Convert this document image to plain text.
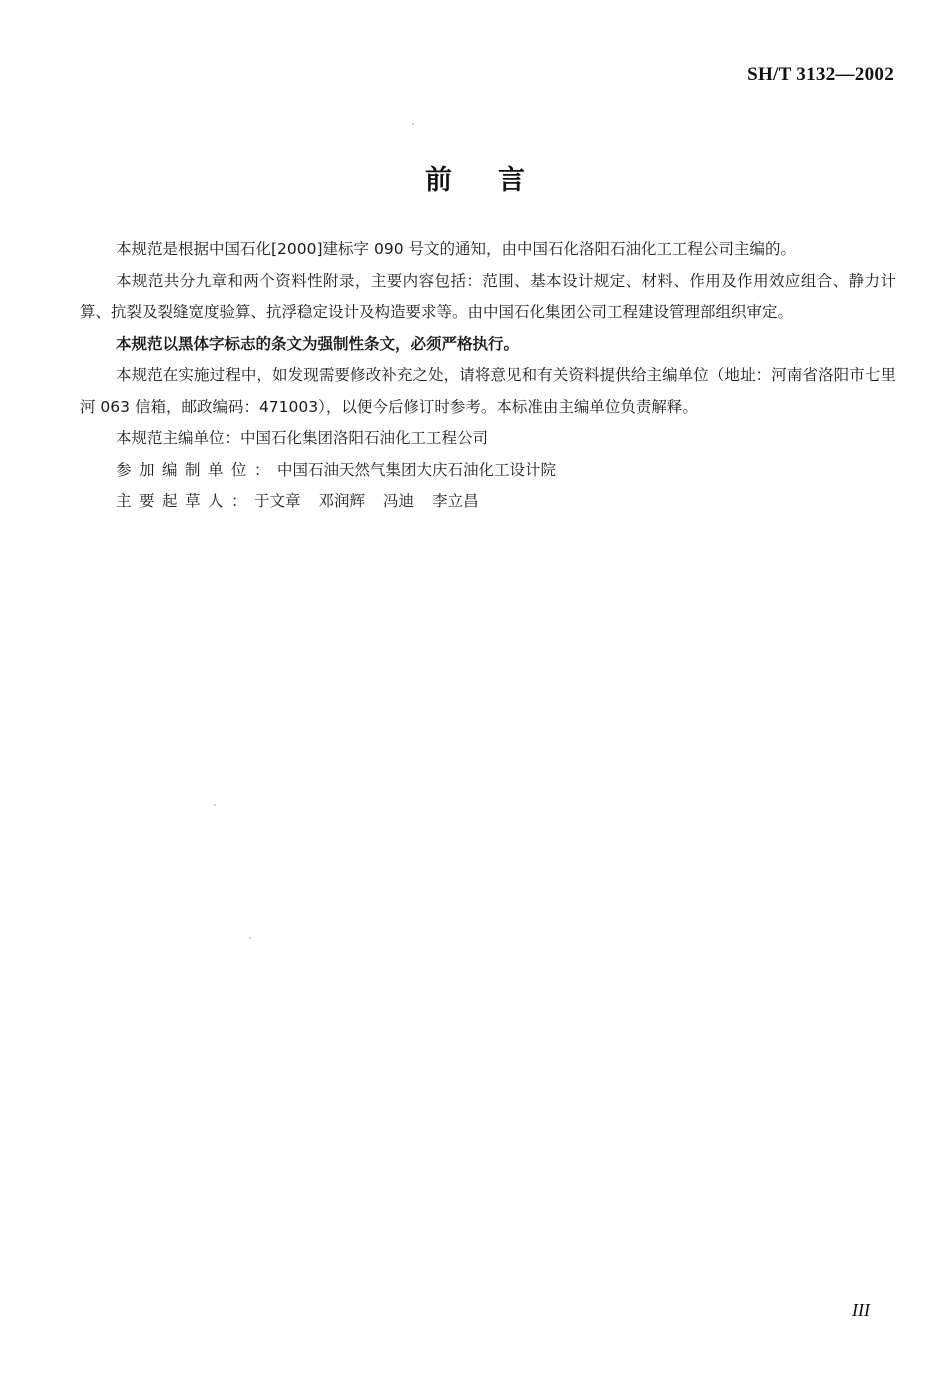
SH/T 3132—2002
前言

本规范是根据中国石化[2000]建标字 090 号文的通知，由中国石化洛阳石油化工工程公司主编的。

本规范共分九章和两个资料性附录，主要内容包括：范围、基本设计规定、材料、作用及作用效应组合、静力计算、抗裂及裂缝宽度验算、抗浮稳定设计及构造要求等。由中国石化集团公司工程建设管理部组织审定。

本规范以黑体字标志的条文为强制性条文，必须严格执行。

本规范在实施过程中，如发现需要修改补充之处，请将意见和有关资料提供给主编单位（地址：河南省洛阳市七里河 063 信箱，邮政编码：471003），以便今后修订时参考。本标准由主编单位负责解释。

本规范主编单位：中国石化集团洛阳石油化工工程公司

参加编制单位：中国石油天然气集团大庆石油化工设计院

主要起草人：于文章 邓润辉 冯迪 李立昌

III
